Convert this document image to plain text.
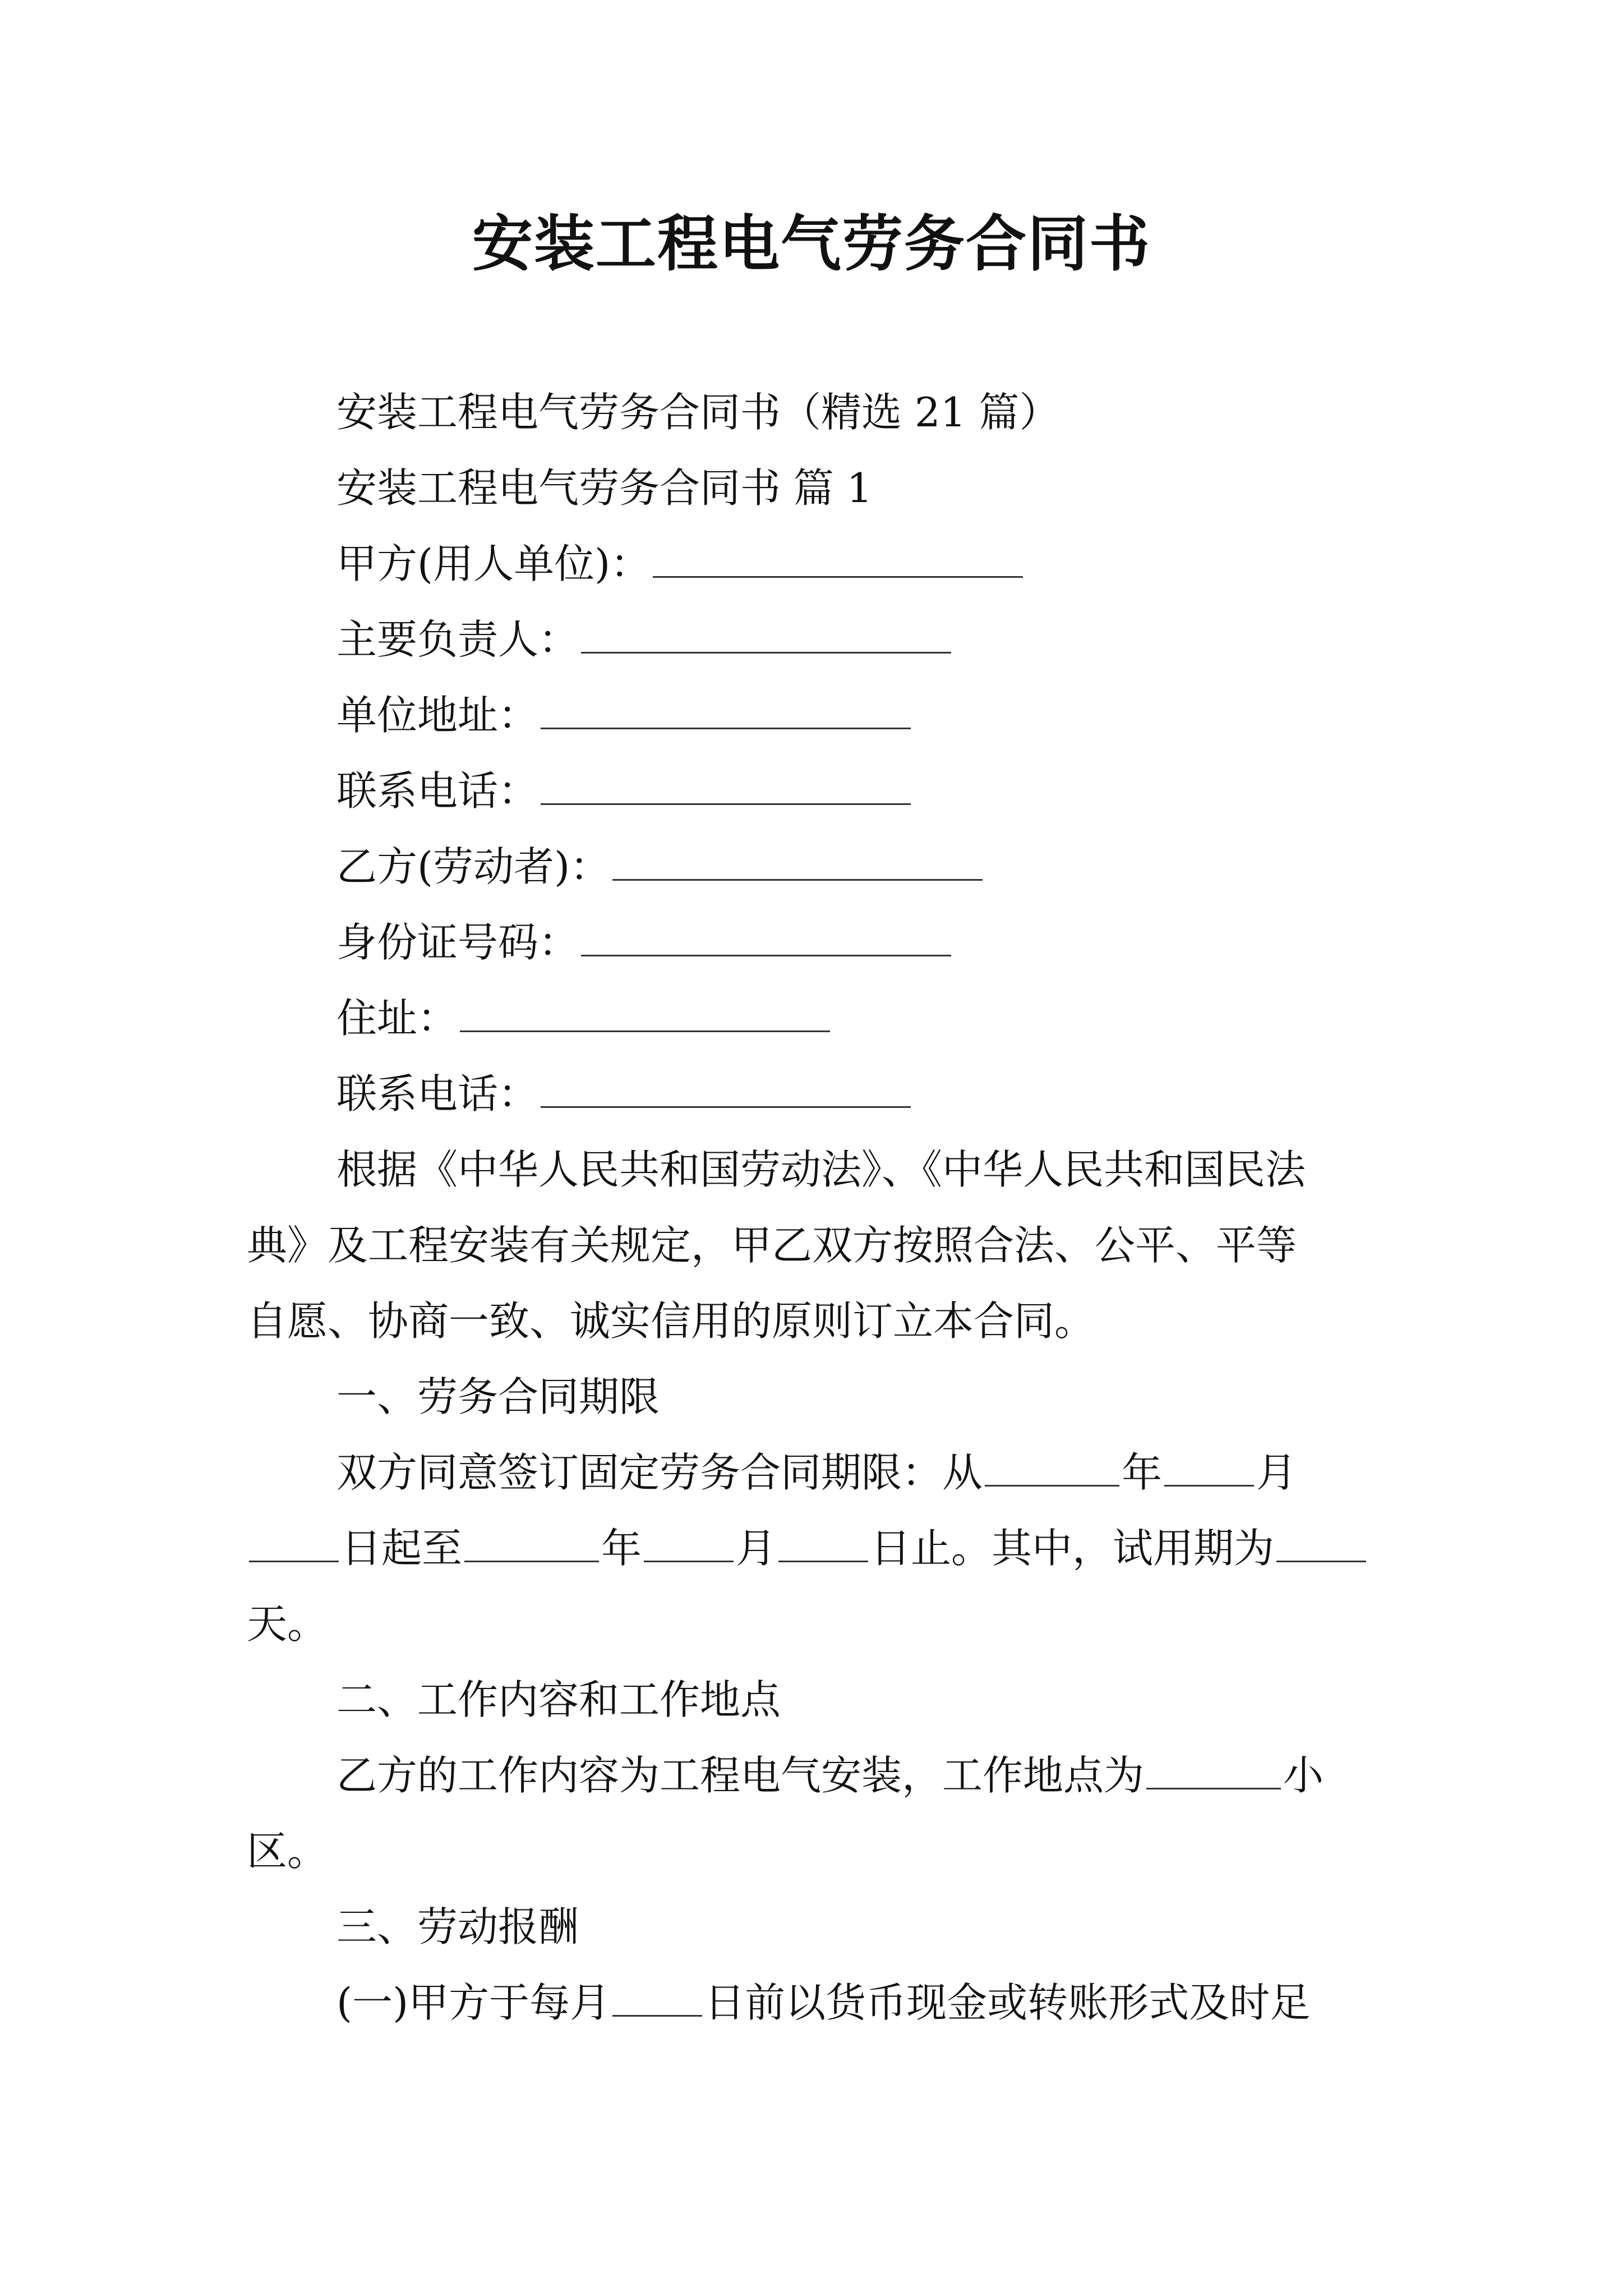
安装工程电气劳务合同书
安装工程电气劳务合同书（精选 21 篇）
安装工程电气劳务合同书 篇 1
甲方(用人单位)：
主要负责人：
单位地址：
联系电话：
乙方(劳动者)：
身份证号码：
住址：
联系电话：
根据《中华人民共和国劳动法》、《中华人民共和国民法
典》及工程安装有关规定，甲乙双方按照合法、公平、平等
自愿、协商一致、诚实信用的原则订立本合同。
一、劳务合同期限
双方同意签订固定劳务合同期限：从	年 月
日起至	年 月 日止。其中，试用期为
天。
二、工作内容和工作地点
乙方的工作内容为工程电气安装，工作地点为	小
区。
三、劳动报酬
(一)甲方于每月 日前以货币现金或转账形式及时足
